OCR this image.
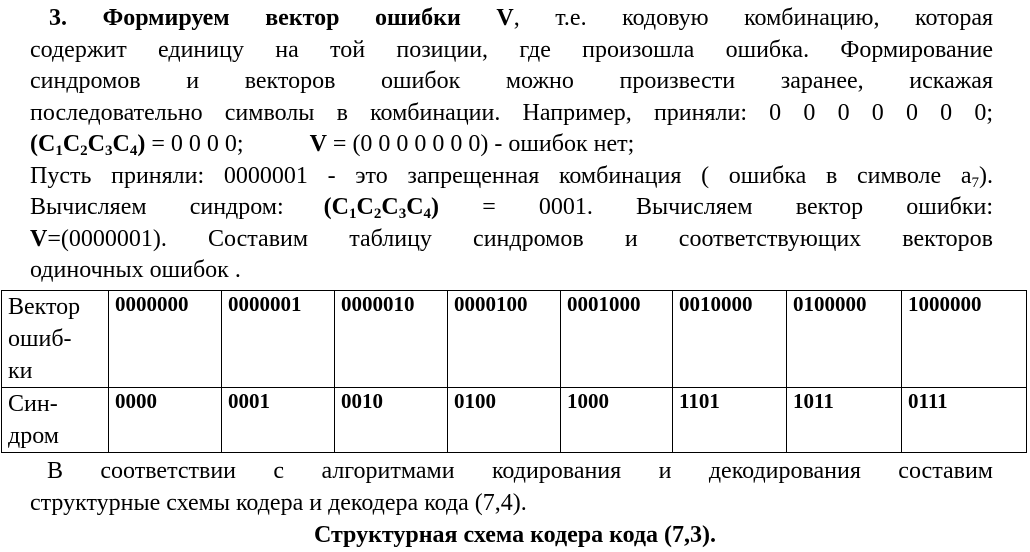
3. Формируем вектор ошибки V, т.е. кодовую комбинацию, которая
содержит единицу на той позиции, где произошла ошибка. Формирование
синдромов и векторов ошибок можно произвести заранее, искажая
последовательно символы в комбинации. Например, приняли: 0 0 0 0 0 0 0;
$(C_1C_2C_3C_4) = 0$ 0 0 0;	V = (0 0 0 0 0 0 0) - ошибок нет;
Пусть приняли: 0000001 - это запрещенная комбинация ( ошибка в символе $a_7$).
Вычисляем синдром: $(C_1C_2C_3C_4) = 0001$. Вычисляем вектор ошибки:
V=(0000001). Составим таблицу синдромов и соответствующих векторов
одиночных ошибок .
Вектор
ошиб-
ки	0000000	0000001	0000010	0000100	0001000	0010000	0100000	1000000

Син-
дром	0000	0001	0010	0100	1000	1101	1011	0111
В соответствии с алгоритмами кодирования и декодирования составим
структурные схемы кодера и декодера кода (7,4).
Структурная схема кодера кода (7,3).
